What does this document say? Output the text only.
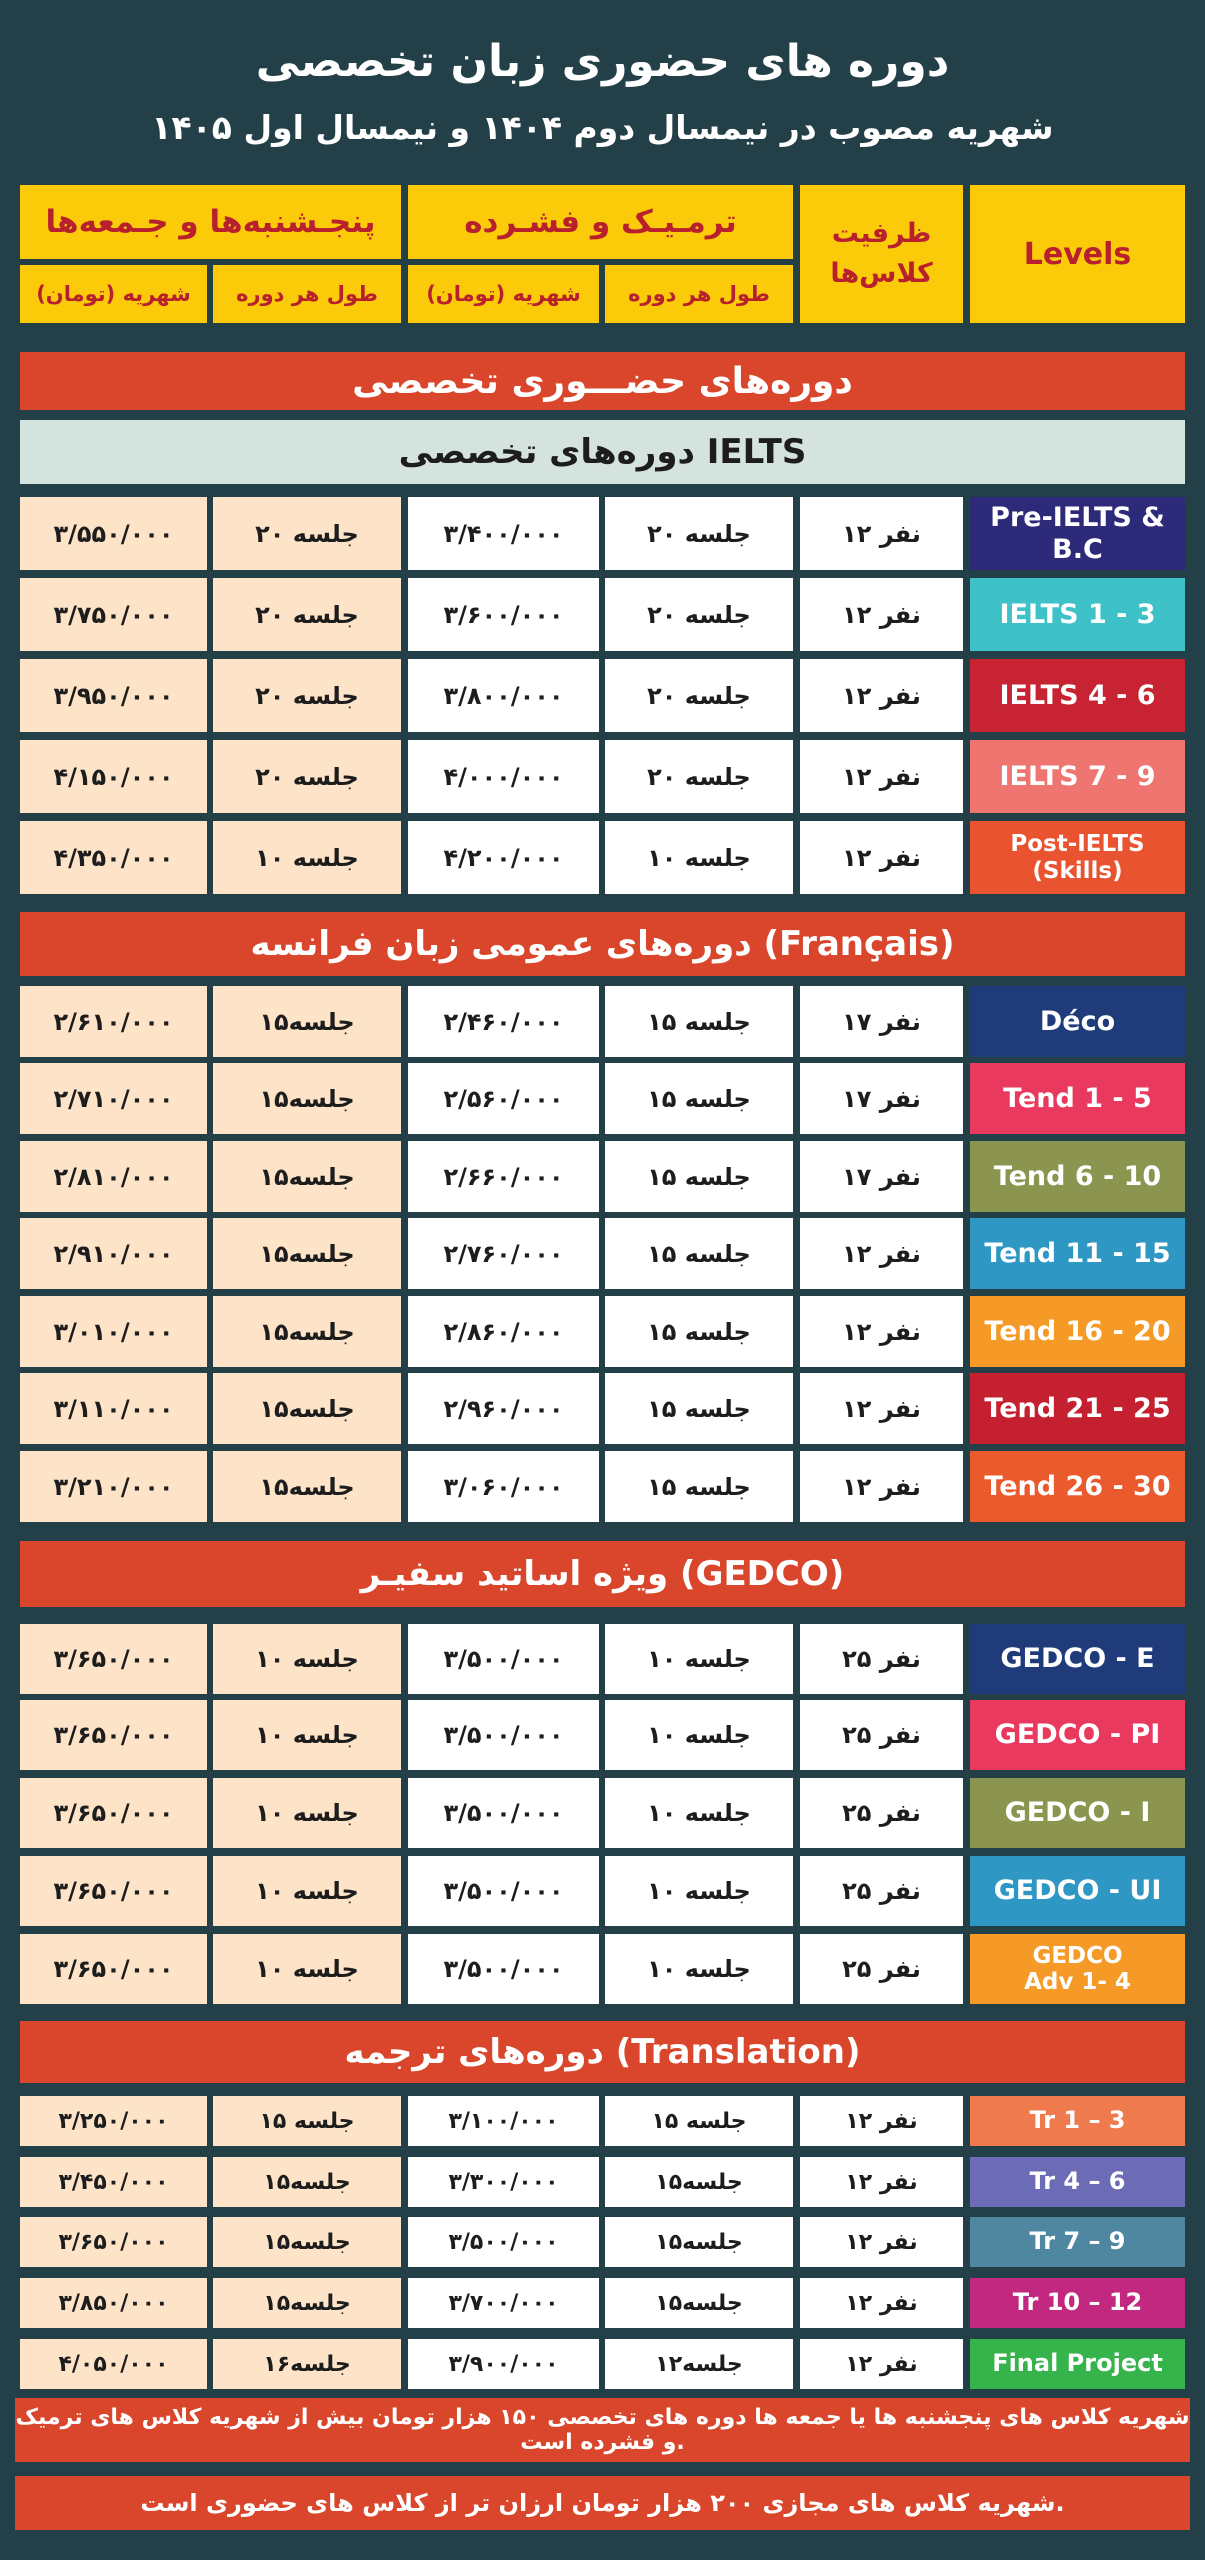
دوره های حضوری زبان تخصصی
شهریه مصوب در نیمسال دوم ۱۴۰۴ و نیمسال اول ۱۴۰۵
Levels
ظرفیت کلاس‌ها
ترمـیـک و فشـرده
پنجـشنبه‌ها و جـمعه‌ها
طول هر دوره
شهریه (تومان)
طول هر دوره
شهریه (تومان)
دوره‌های حضـــوری تخصصی
دوره‌های تخصصی IELTS
Pre-IELTS & B.C
۱۲ نفر
۲۰ جلسه
۳/۴۰۰/۰۰۰
۲۰ جلسه
۳/۵۵۰/۰۰۰
IELTS 1 - 3
۱۲ نفر
۲۰ جلسه
۳/۶۰۰/۰۰۰
۲۰ جلسه
۳/۷۵۰/۰۰۰
IELTS 4 - 6
۱۲ نفر
۲۰ جلسه
۳/۸۰۰/۰۰۰
۲۰ جلسه
۳/۹۵۰/۰۰۰
IELTS 7 - 9
۱۲ نفر
۲۰ جلسه
۴/۰۰۰/۰۰۰
۲۰ جلسه
۴/۱۵۰/۰۰۰
Post-IELTS (Skills)
۱۲ نفر
۱۰ جلسه
۴/۲۰۰/۰۰۰
۱۰ جلسه
۴/۳۵۰/۰۰۰
دوره‌های عمومی زبان فرانسه (Français)
Déco
۱۷ نفر
۱۵ جلسه
۲/۴۶۰/۰۰۰
۱۵جلسه
۲/۶۱۰/۰۰۰
Tend 1 - 5
۱۷ نفر
۱۵ جلسه
۲/۵۶۰/۰۰۰
۱۵جلسه
۲/۷۱۰/۰۰۰
Tend 6 - 10
۱۷ نفر
۱۵ جلسه
۲/۶۶۰/۰۰۰
۱۵جلسه
۲/۸۱۰/۰۰۰
Tend 11 - 15
۱۲ نفر
۱۵ جلسه
۲/۷۶۰/۰۰۰
۱۵جلسه
۲/۹۱۰/۰۰۰
Tend 16 - 20
۱۲ نفر
۱۵ جلسه
۲/۸۶۰/۰۰۰
۱۵جلسه
۳/۰۱۰/۰۰۰
Tend 21 - 25
۱۲ نفر
۱۵ جلسه
۲/۹۶۰/۰۰۰
۱۵جلسه
۳/۱۱۰/۰۰۰
Tend 26 - 30
۱۲ نفر
۱۵ جلسه
۳/۰۶۰/۰۰۰
۱۵جلسه
۳/۲۱۰/۰۰۰
ویژه اساتید سفیـر (GEDCO)
GEDCO - E
۲۵ نفر
۱۰ جلسه
۳/۵۰۰/۰۰۰
۱۰ جلسه
۳/۶۵۰/۰۰۰
GEDCO - PI
۲۵ نفر
۱۰ جلسه
۳/۵۰۰/۰۰۰
۱۰ جلسه
۳/۶۵۰/۰۰۰
GEDCO - I
۲۵ نفر
۱۰ جلسه
۳/۵۰۰/۰۰۰
۱۰ جلسه
۳/۶۵۰/۰۰۰
GEDCO - UI
۲۵ نفر
۱۰ جلسه
۳/۵۰۰/۰۰۰
۱۰ جلسه
۳/۶۵۰/۰۰۰
GEDCO Adv 1- 4
۲۵ نفر
۱۰ جلسه
۳/۵۰۰/۰۰۰
۱۰ جلسه
۳/۶۵۰/۰۰۰
دوره‌های ترجمه (Translation)
Tr 1 – 3
۱۲ نفر
۱۵ جلسه
۳/۱۰۰/۰۰۰
۱۵ جلسه
۳/۲۵۰/۰۰۰
Tr 4 – 6
۱۲ نفر
۱۵جلسه
۳/۳۰۰/۰۰۰
۱۵جلسه
۳/۴۵۰/۰۰۰
Tr 7 – 9
۱۲ نفر
۱۵جلسه
۳/۵۰۰/۰۰۰
۱۵جلسه
۳/۶۵۰/۰۰۰
Tr 10 – 12
۱۲ نفر
۱۵جلسه
۳/۷۰۰/۰۰۰
۱۵جلسه
۳/۸۵۰/۰۰۰
Final Project
۱۲ نفر
۱۲جلسه
۳/۹۰۰/۰۰۰
۱۶جلسه
۴/۰۵۰/۰۰۰
شهریه کلاس های پنجشنبه ها یا جمعه ها دوره های تخصصی ۱۵۰ هزار تومان بیش از شهریه کلاس های ترمیک و فشرده است.
شهریه کلاس های مجازی ۲۰۰ هزار تومان ارزان تر از کلاس های حضوری است.
